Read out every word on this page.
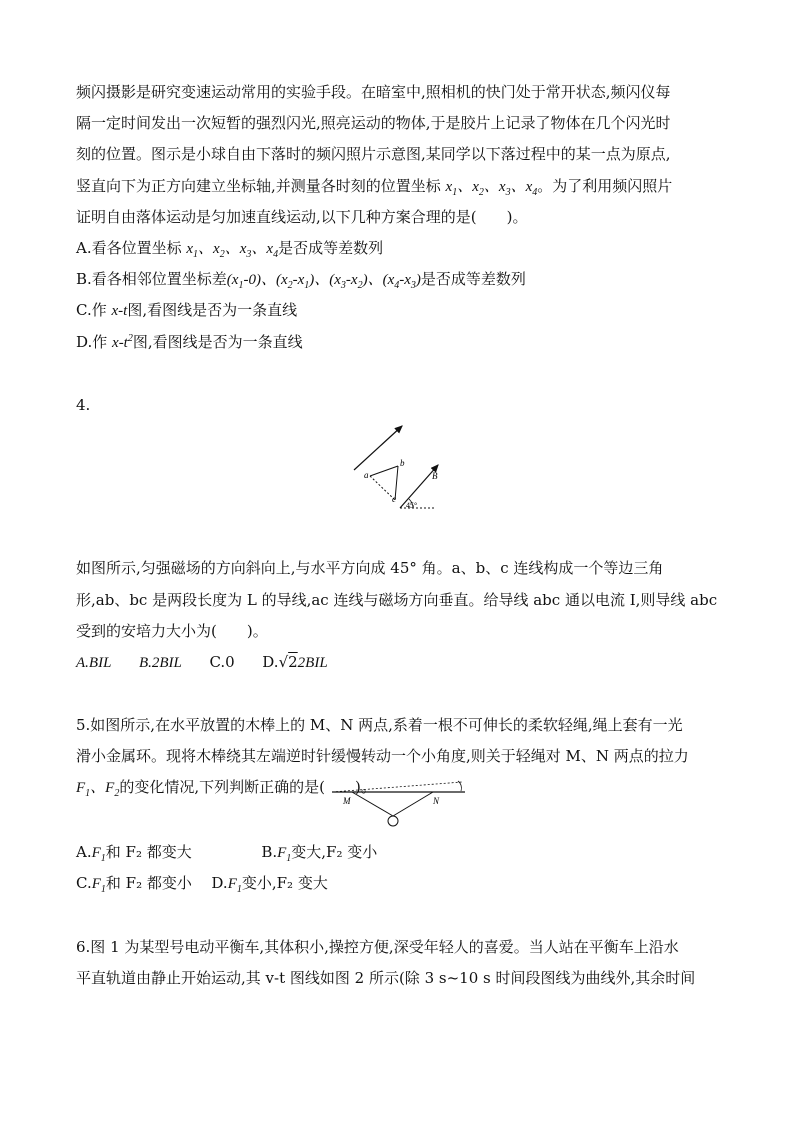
频闪摄影是研究变速运动常用的实验手段。在暗室中,照相机的快门处于常开状态,频闪仪每
隔一定时间发出一次短暂的强烈闪光,照亮运动的物体,于是胶片上记录了物体在几个闪光时
刻的位置。图示是小球自由下落时的频闪照片示意图,某同学以下落过程中的某一点为原点,
竖直向下为正方向建立坐标轴,并测量各时刻的位置坐标 $x_1$、$x_2$、$x_3$、$x_4$。为了利用频闪照片
证明自由落体运动是匀加速直线运动,以下几种方案合理的是(　　)。
A.看各位置坐标 $x_1$、$x_2$、$x_3$、$x_4$是否成等差数列
B.看各相邻位置坐标差$(x_1-0)$、$(x_2-x_1)$、$(x_3-x_2)$、$(x_4-x_3)$是否成等差数列
C.作 x-t图,看图线是否为一条直线
D.作 $x-t^2$图,看图线是否为一条直线
4.
a
b
c
B
45°
如图所示,匀强磁场的方向斜向上,与水平方向成 45° 角。a、b、c 连线构成一个等边三角
形,ab、bc 是两段长度为 L 的导线,ac 连线与磁场方向垂直。给导线 abc 通以电流 I,则导线 abc
受到的安培力大小为(　　)。
A.BIL B.2BIL C.0 D.√22BIL
5.如图所示,在水平放置的木棒上的 M、N 两点,系着一根不可伸长的柔软轻绳,绳上套有一光
滑小金属环。现将木棒绕其左端逆时针缓慢转动一个小角度,则关于轻绳对 M、N 两点的拉力
$F_1$、$F_2$的变化情况,下列判断正确的是(　　)。
M	N
$A.F_1$和 F₂ 都变大	$B.F_1$变大,F₂ 变小
$C.F_1$和 F₂ 都变小 $D.F_1$变小,F₂ 变大
6.图 1 为某型号电动平衡车,其体积小,操控方便,深受年轻人的喜爱。当人站在平衡车上沿水
平直轨道由静止开始运动,其 v-t 图线如图 2 所示(除 3 s~10 s 时间段图线为曲线外,其余时间
